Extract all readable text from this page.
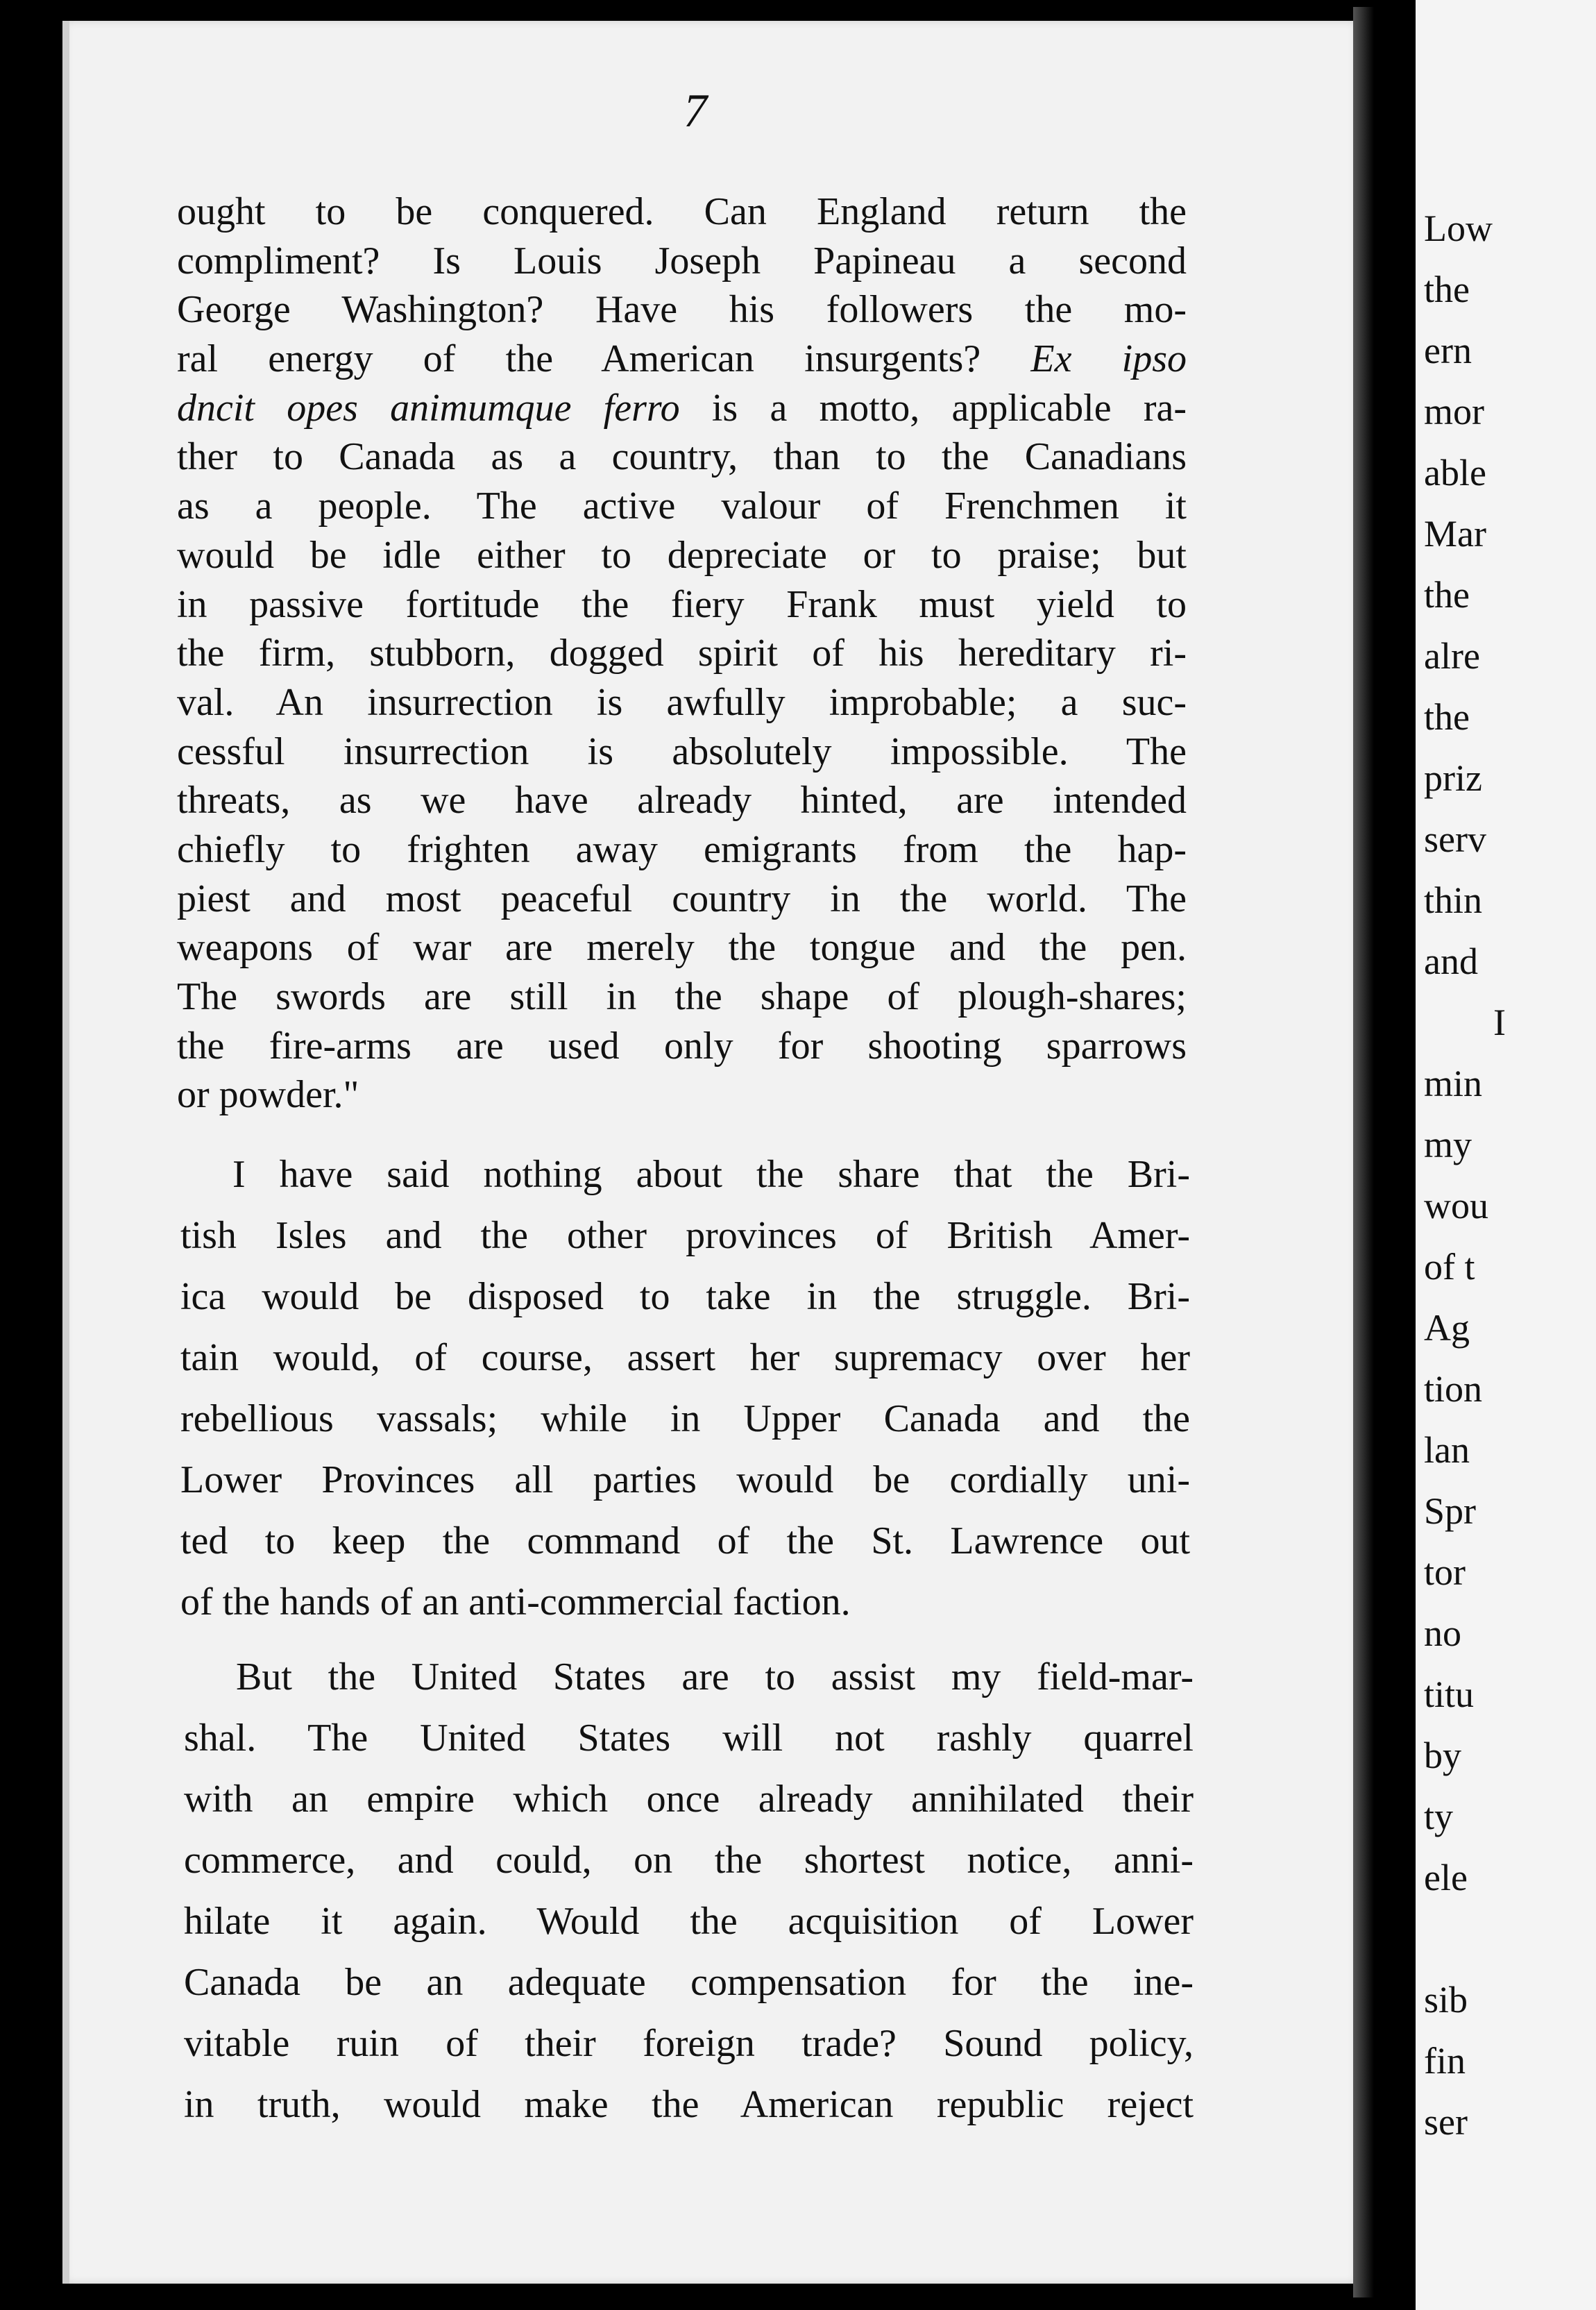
7
ought to be conquered. Can England return the
compliment? Is Louis Joseph Papineau a second
George Washington? Have his followers the mo-
ral energy of the American insurgents? Ex ipso
dncit opes animumque ferro is a motto, applicable ra-
ther to Canada as a country, than to the Canadians
as a people. The active valour of Frenchmen it
would be idle either to depreciate or to praise; but
in passive fortitude the fiery Frank must yield to
the firm, stubborn, dogged spirit of his hereditary ri-
val. An insurrection is awfully improbable; a suc-
cessful insurrection is absolutely impossible. The
threats, as we have already hinted, are intended
chiefly to frighten away emigrants from the hap-
piest and most peaceful country in the world. The
weapons of war are merely the tongue and the pen.
The swords are still in the shape of plough-shares;
the fire-arms are used only for shooting sparrows
or powder."
I have said nothing about the share that the Bri-
tish Isles and the other provinces of British Amer-
ica would be disposed to take in the struggle. Bri-
tain would, of course, assert her supremacy over her
rebellious vassals; while in Upper Canada and the
Lower Provinces all parties would be cordially uni-
ted to keep the command of the St. Lawrence out
of the hands of an anti-commercial faction.
But the United States are to assist my field-mar-
shal. The United States will not rashly quarrel
with an empire which once already annihilated their
commerce, and could, on the shortest notice, anni-
hilate it again. Would the acquisition of Lower
Canada be an adequate compensation for the ine-
vitable ruin of their foreign trade? Sound policy,
in truth, would make the American republic reject
Low
the
ern
mor
able
Mar
the
alre
the
priz
serv
thin
and
I
min
my
wou
of t
Ag
tion
lan
Spr
tor
no
titu
by
ty
ele
sib
fin
ser
